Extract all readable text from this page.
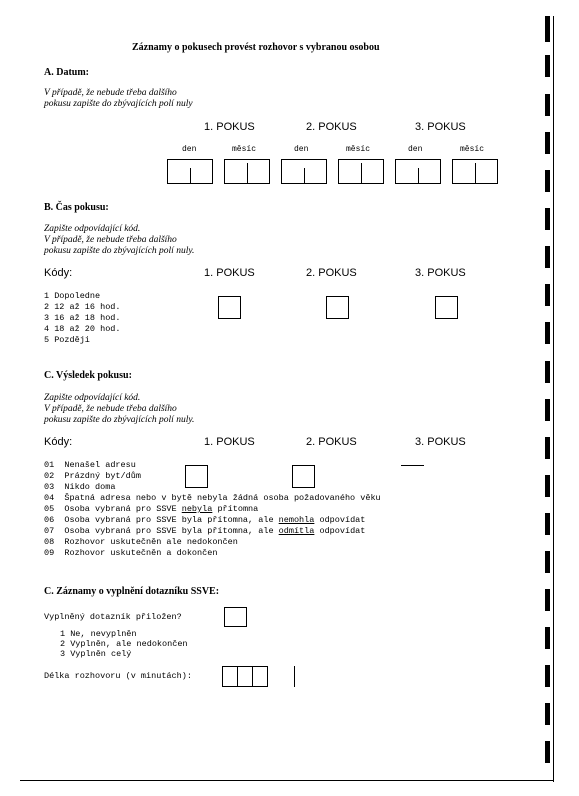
Záznamy o pokusech provést rozhovor s vybranou osobou
A. Datum:
V případě, že nebude třeba dalšího
pokusu zapište do zbývajících polí nuly
1. POKUS	2. POKUS	3. POKUS
den	měsíc	den	měsíc	den	měsíc
B. Čas pokusu:
Zapište odpovídající kód.
V případě, že nebude třeba dalšího
pokusu zapište do zbývajících polí nuly.
Kódy:	1. POKUS	2. POKUS	3. POKUS
1 Dopoledne
2 12 až 16 hod.
3 16 až 18 hod.
4 18 až 20 hod.
5 Později
C. Výsledek pokusu:
Zapište odpovídající kód.
V případě, že nebude třeba dalšího
pokusu zapište do zbývajících polí nuly.
Kódy:	1. POKUS	2. POKUS	3. POKUS
01 Nenašel adresu
02 Prázdný byt/dům
03 Nikdo doma
04 Špatná adresa nebo v bytě nebyla žádná osoba požadovaného věku
05 Osoba vybraná pro SSVE nebyla přítomna
06 Osoba vybraná pro SSVE byla přítomna, ale nemohla odpovídat
07 Osoba vybraná pro SSVE byla přítomna, ale odmítla odpovídat
08 Rozhovor uskutečněn ale nedokončen
09 Rozhovor uskutečněn a dokončen
C. Záznamy o vyplnění dotazníku SSVE:
Vyplněný dotazník přiložen?
1 Ne, nevyplněn
2 Vyplněn, ale nedokončen
3 Vyplněn celý
Délka rozhovoru (v minutách):
